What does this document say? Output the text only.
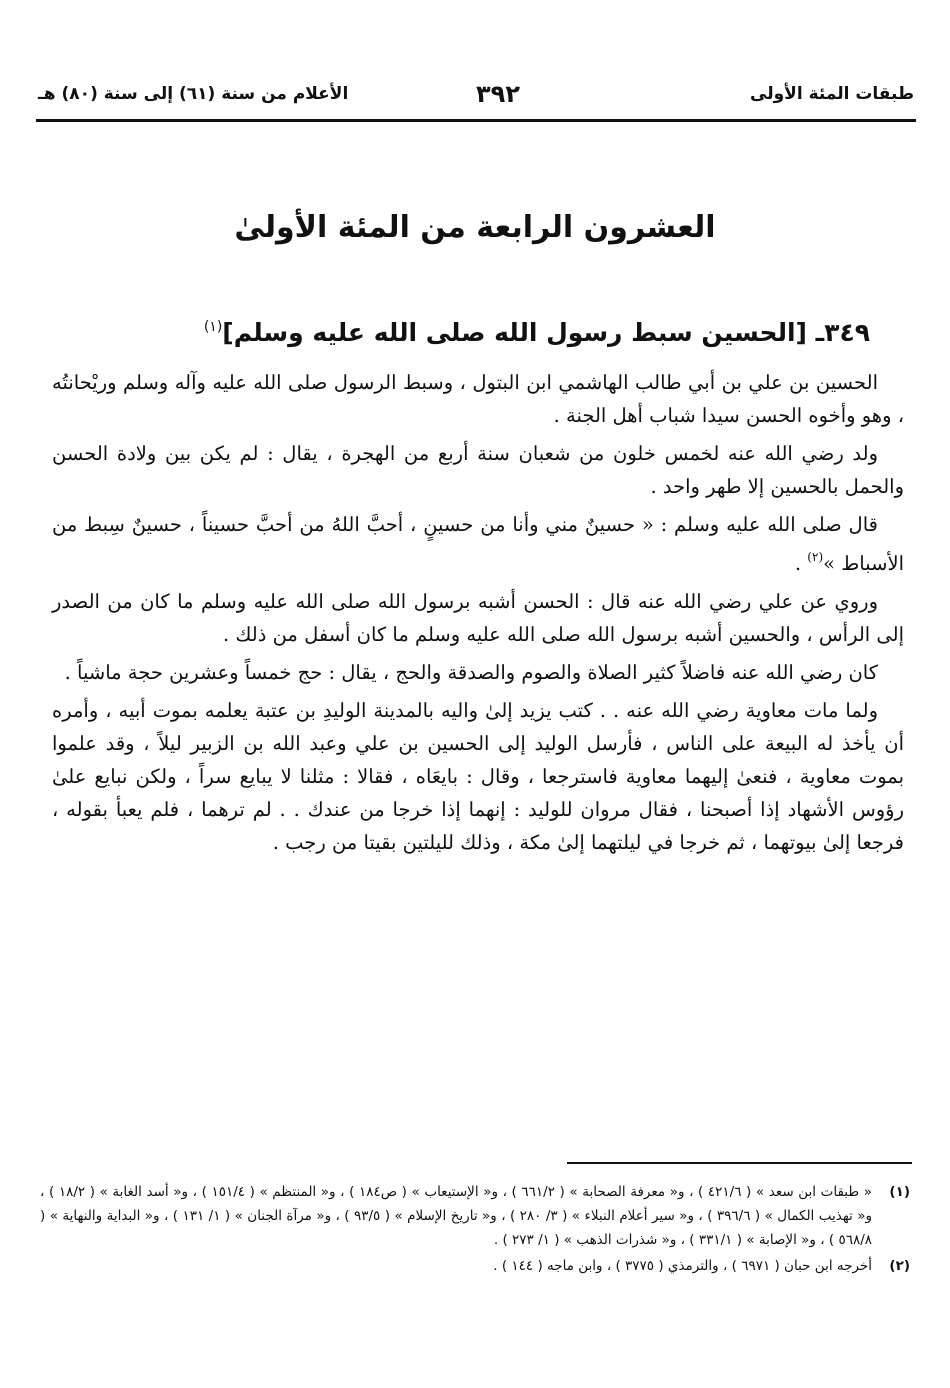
طبقات المئة الأولى
٣٩٢
الأعلام من سنة (٦١) إلى سنة (٨٠) هـ
العشرون الرابعة من المئة الأولىٰ
٣٤٩ـ [الحسين سبط رسول الله صلى الله عليه وسلم]$^{(١)}$

الحسين بن علي بن أبي طالب الهاشمي ابن البتول ، وسبط الرسول صلى الله عليه وآله وسلم وريْحانتُه ، وهو وأخوه الحسن سيدا شباب أهل الجنة .

ولد رضي الله عنه لخمس خلون من شعبان سنة أربع من الهجرة ، يقال : لم يكن بين ولادة الحسن والحمل بالحسين إلا طهر واحد .

قال صلى الله عليه وسلم : « حسينٌ مني وأنا من حسينٍ ، أحبَّ اللهُ من أحبَّ حسيناً ، حسينٌ سِبط من الأسباط »$^{(٢)}$ .

وروي عن علي رضي الله عنه قال : الحسن أشبه برسول الله صلى الله عليه وسلم ما كان من الصدر إلى الرأس ، والحسين أشبه برسول الله صلى الله عليه وسلم ما كان أسفل من ذلك .

كان رضي الله عنه فاضلاً كثير الصلاة والصوم والصدقة والحج ، يقال : حج خمساً وعشرين حجة ماشياً .

ولما مات معاوية رضي الله عنه . . كتب يزيد إلىٰ واليه بالمدينة الوليدِ بن عتبة يعلمه بموت أبيه ، وأمره أن يأخذ له البيعة على الناس ، فأرسل الوليد إلى الحسين بن علي وعبد الله بن الزبير ليلاً ، وقد علموا بموت معاوية ، فنعىٰ إليهما معاوية فاسترجعا ، وقال : بايعَاه ، فقالا : مثلنا لا يبايع سراً ، ولكن نبايع علىٰ رؤوس الأشهاد إذا أصبحنا ، فقال مروان للوليد : إنهما إذا خرجا من عندك . . لم ترهما ، فلم يعبأ بقوله ، فرجعا إلىٰ بيوتهما ، ثم خرجا في ليلتهما إلىٰ مكة ، وذلك لليلتين بقيتا من رجب .

(١)
« طبقات ابن سعد » ( ٤٢١/٦ ) ، و« معرفة الصحابة » ( ٦٦١/٢ ) ، و« الإستيعاب » ( ص١٨٤ ) ، و« المنتظم » ( ١٥١/٤ ) ، و« أسد الغابة » ( ١٨/٢ ) ، و« تهذيب الكمال » ( ٣٩٦/٦ ) ، و« سير أعلام النبلاء » ( ٣/ ٢٨٠ ) ، و« تاريخ الإسلام » ( ٩٣/٥ ) ، و« مرآة الجنان » ( ١/ ١٣١ ) ، و« البداية والنهاية » ( ٥٦٨/٨ ) ، و« الإصابة » ( ٣٣١/١ ) ، و« شذرات الذهب » ( ١/ ٢٧٣ ) .
(٢)
أخرجه ابن حبان ( ٦٩٧١ ) ، والترمذي ( ٣٧٧٥ ) ، وابن ماجه ( ١٤٤ ) .
